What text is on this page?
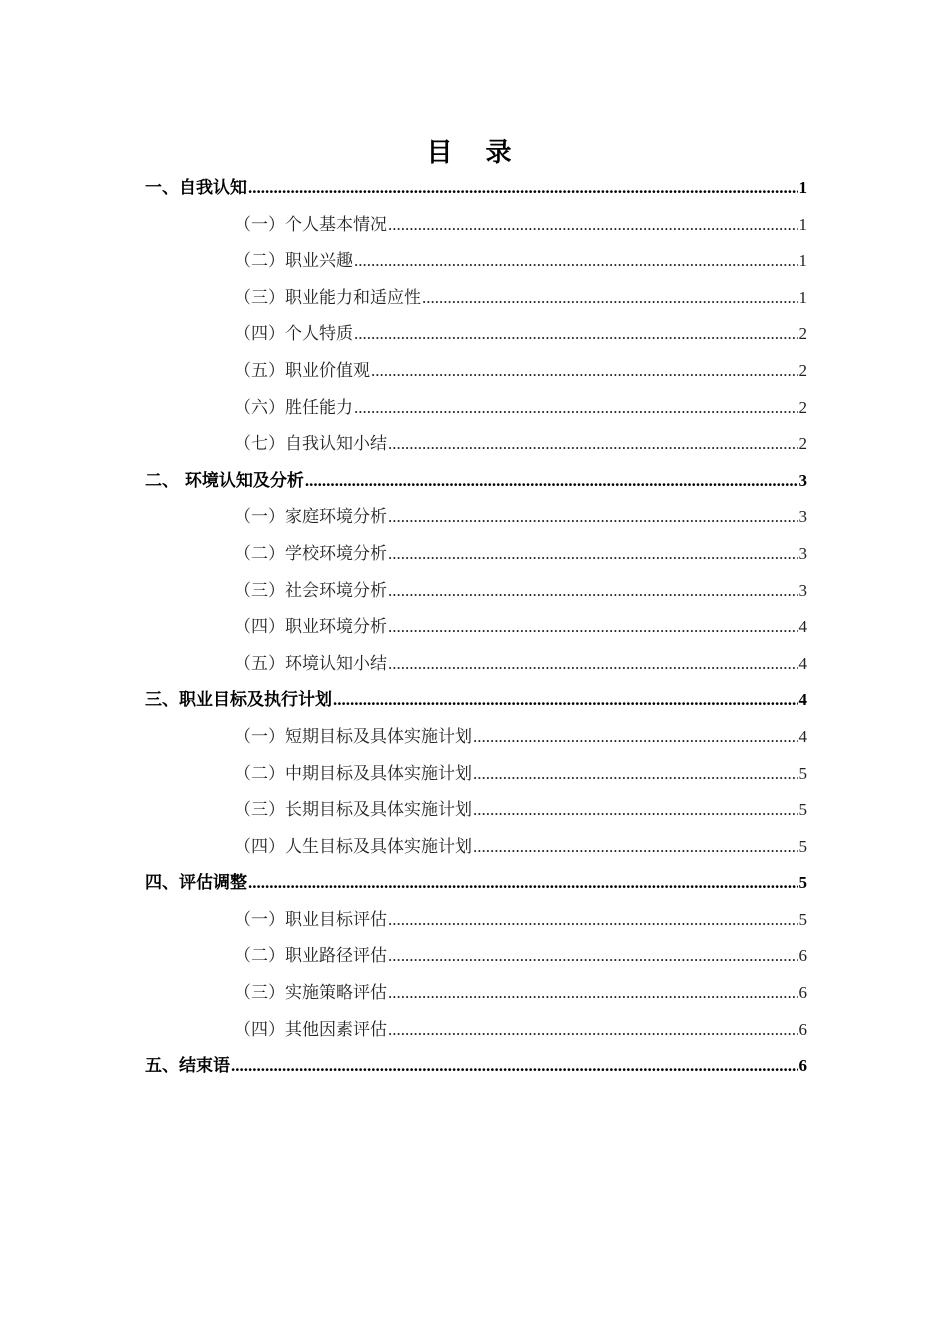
目 录
一、自我认知 .....	1
（一）个人基本情况 .....	1
（二）职业兴趣 .....	1
（三）职业能力和适应性 .....	1
（四）个人特质 .....	2
（五）职业价值观 .....	2
（六）胜任能力 .....	2
（七）自我认知小结 .....	2
二、 环境认知及分析 .....	3
（一）家庭环境分析 .....	3
（二）学校环境分析 .....	3
（三）社会环境分析 .....	3
（四）职业环境分析 .....	4
（五）环境认知小结 .....	4
三、职业目标及执行计划 .....	4
（一）短期目标及具体实施计划 .....	4
（二）中期目标及具体实施计划 .....	5
（三）长期目标及具体实施计划 .....	5
（四）人生目标及具体实施计划 .....	5
四、评估调整 .....	5
（一）职业目标评估 .....	5
（二）职业路径评估 .....	6
（三）实施策略评估 .....	6
（四）其他因素评估 .....	6
五、结束语 .....	6
